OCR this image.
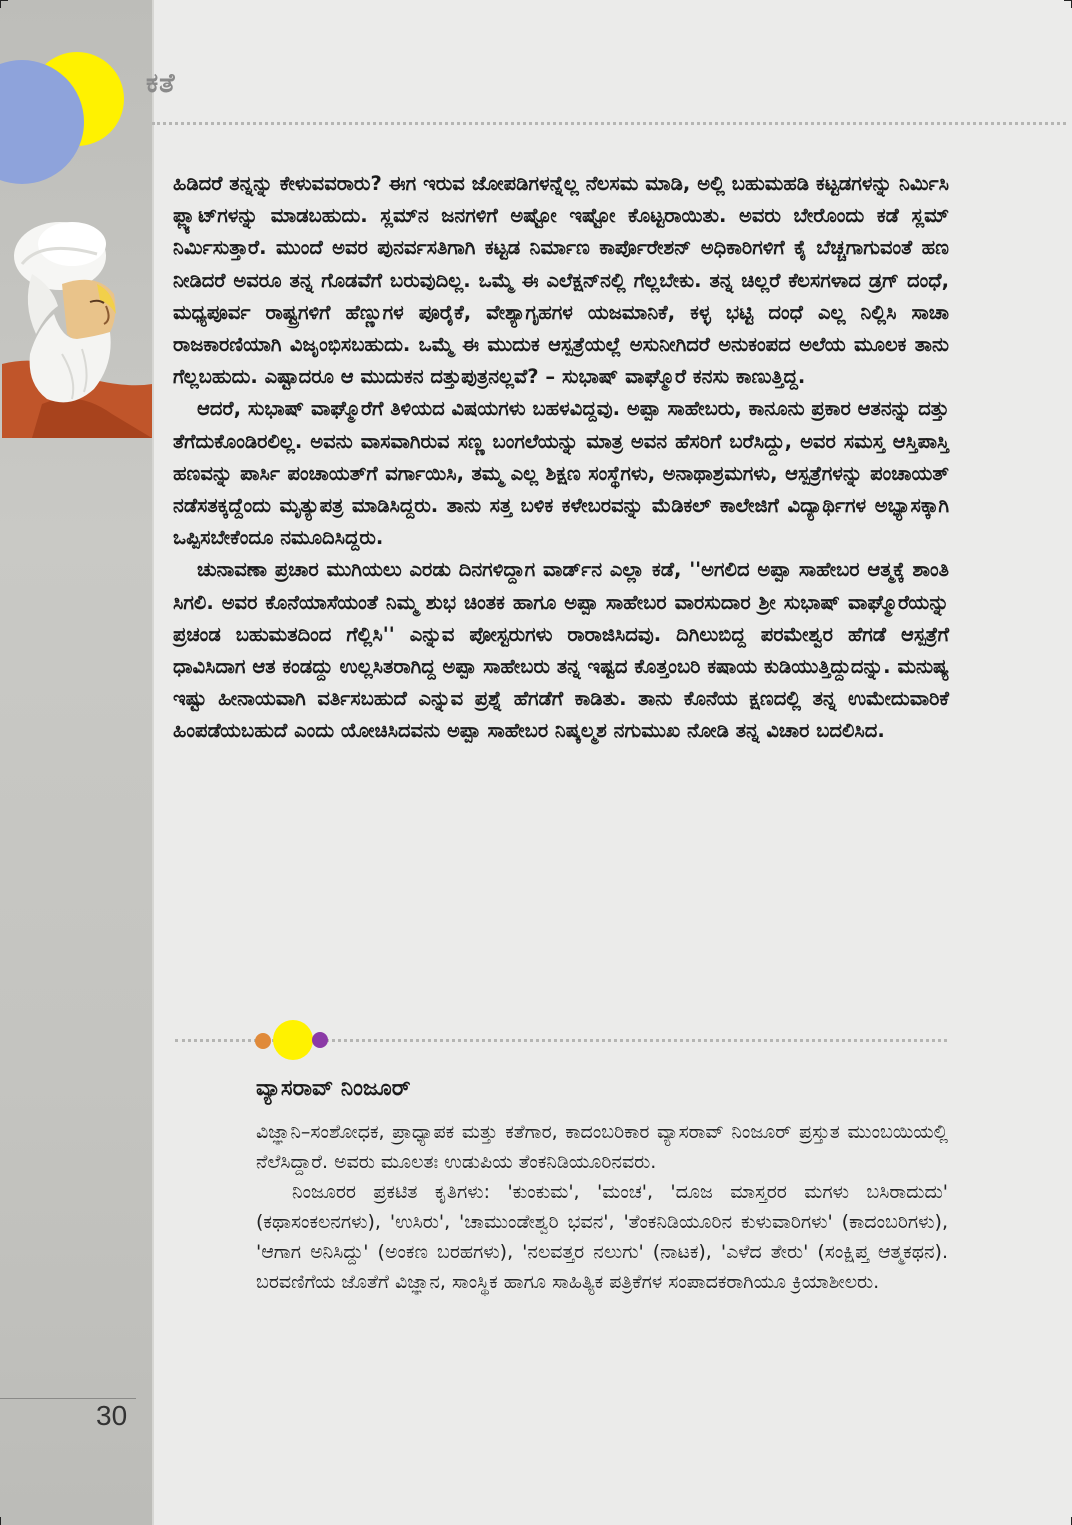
ಕತೆ

ಹಿಡಿದರೆ ತನ್ನನ್ನು ಕೇಳುವವರಾರು? ಈಗ ಇರುವ ಜೋಪಡಿಗಳನ್ನೆಲ್ಲ ನೆಲಸಮ ಮಾಡಿ, ಅಲ್ಲಿ ಬಹುಮಹಡಿ ಕಟ್ಟಡಗಳನ್ನು ನಿರ್ಮಿಸಿ ಫ್ಲ್ಯಾಟ್‌ಗಳನ್ನು ಮಾಡಬಹುದು. ಸ್ಲಮ್‌ನ ಜನಗಳಿಗೆ ಅಷ್ಟೋ ಇಷ್ಟೋ ಕೊಟ್ಟರಾಯಿತು. ಅವರು ಬೇರೊಂದು ಕಡೆ ಸ್ಲಮ್ ನಿರ್ಮಿಸುತ್ತಾರೆ. ಮುಂದೆ ಅವರ ಪುನರ್ವಸತಿಗಾಗಿ ಕಟ್ಟಡ ನಿರ್ಮಾಣ ಕಾರ್ಪೊರೇಶನ್ ಅಧಿಕಾರಿಗಳಿಗೆ ಕೈ ಬೆಚ್ಚಗಾಗುವಂತೆ ಹಣ ನೀಡಿದರೆ ಅವರೂ ತನ್ನ ಗೊಡವೆಗೆ ಬರುವುದಿಲ್ಲ. ಒಮ್ಮೆ ಈ ಎಲೆಕ್ಷನ್‌ನಲ್ಲಿ ಗೆಲ್ಲಬೇಕು. ತನ್ನ ಚಿಲ್ಲರೆ ಕೆಲಸಗಳಾದ ಡ್ರಗ್ ದಂಧೆ, ಮಧ್ಯಪೂರ್ವ ರಾಷ್ಟ್ರಗಳಿಗೆ ಹೆಣ್ಣುಗಳ ಪೂರೈಕೆ, ವೇಶ್ಯಾಗೃಹಗಳ ಯಜಮಾನಿಕೆ, ಕಳ್ಳ ಭಟ್ಟಿ ದಂಧೆ ಎಲ್ಲ ನಿಲ್ಲಿಸಿ ಸಾಚಾ ರಾಜಕಾರಣಿಯಾಗಿ ವಿಜೃಂಭಿಸಬಹುದು. ಒಮ್ಮೆ ಈ ಮುದುಕ ಆಸ್ಪತ್ರೆಯಲ್ಲೆ ಅಸುನೀಗಿದರೆ ಅನುಕಂಪದ ಅಲೆಯ ಮೂಲಕ ತಾನು ಗೆಲ್ಲಬಹುದು. ಎಷ್ಟಾದರೂ ಆ ಮುದುಕನ ದತ್ತುಪುತ್ರನಲ್ಲವೆ? – ಸುಭಾಷ್ ವಾಘ್ಮೊರೆ ಕನಸು ಕಾಣುತ್ತಿದ್ದ.

ಆದರೆ, ಸುಭಾಷ್ ವಾಘ್ಮೊರೆಗೆ ತಿಳಿಯದ ವಿಷಯಗಳು ಬಹಳವಿದ್ದವು. ಅಪ್ಪಾ ಸಾಹೇಬರು, ಕಾನೂನು ಪ್ರಕಾರ ಆತನನ್ನು ದತ್ತು ತೆಗೆದುಕೊಂಡಿರಲಿಲ್ಲ. ಅವನು ವಾಸವಾಗಿರುವ ಸಣ್ಣ ಬಂಗಲೆಯನ್ನು ಮಾತ್ರ ಅವನ ಹೆಸರಿಗೆ ಬರೆಸಿದ್ದು, ಅವರ ಸಮಸ್ತ ಆಸ್ತಿಪಾಸ್ತಿ ಹಣವನ್ನು ಪಾರ್ಸಿ ಪಂಚಾಯತ್‌ಗೆ ವರ್ಗಾಯಿಸಿ, ತಮ್ಮ ಎಲ್ಲ ಶಿಕ್ಷಣ ಸಂಸ್ಥೆಗಳು, ಅನಾಥಾಶ್ರಮಗಳು, ಆಸ್ಪತ್ರೆಗಳನ್ನು ಪಂಚಾಯತ್ ನಡೆಸತಕ್ಕದ್ದೆಂದು ಮೃತ್ಯುಪತ್ರ ಮಾಡಿಸಿದ್ದರು. ತಾನು ಸತ್ತ ಬಳಿಕ ಕಳೇಬರವನ್ನು ಮೆಡಿಕಲ್ ಕಾಲೇಜಿಗೆ ವಿದ್ಯಾರ್ಥಿಗಳ ಅಭ್ಯಾಸಕ್ಕಾಗಿ ಒಪ್ಪಿಸಬೇಕೆಂದೂ ನಮೂದಿಸಿದ್ದರು.

ಚುನಾವಣಾ ಪ್ರಚಾರ ಮುಗಿಯಲು ಎರಡು ದಿನಗಳಿದ್ದಾಗ ವಾರ್ಡ್‌ನ ಎಲ್ಲಾ ಕಡೆ, ''ಅಗಲಿದ ಅಪ್ಪಾ ಸಾಹೇಬರ ಆತ್ಮಕ್ಕೆ ಶಾಂತಿ ಸಿಗಲಿ. ಅವರ ಕೊನೆಯಾಸೆಯಂತೆ ನಿಮ್ಮ ಶುಭ ಚಿಂತಕ ಹಾಗೂ ಅಪ್ಪಾ ಸಾಹೇಬರ ವಾರಸುದಾರ ಶ್ರೀ ಸುಭಾಷ್ ವಾಘ್ಮೊರೆಯನ್ನು ಪ್ರಚಂಡ ಬಹುಮತದಿಂದ ಗೆಲ್ಲಿಸಿ'' ಎನ್ನುವ ಪೋಸ್ಟರುಗಳು ರಾರಾಜಿಸಿದವು. ದಿಗಿಲುಬಿದ್ದ ಪರಮೇಶ್ವರ ಹೆಗಡೆ ಆಸ್ಪತ್ರೆಗೆ ಧಾವಿಸಿದಾಗ ಆತ ಕಂಡದ್ದು ಉಲ್ಲಸಿತರಾಗಿದ್ದ ಅಪ್ಪಾ ಸಾಹೇಬರು ತನ್ನ ಇಷ್ಟದ ಕೊತ್ತಂಬರಿ ಕಷಾಯ ಕುಡಿಯುತ್ತಿದ್ದುದನ್ನು. ಮನುಷ್ಯ ಇಷ್ಟು ಹೀನಾಯವಾಗಿ ವರ್ತಿಸಬಹುದೆ ಎನ್ನುವ ಪ್ರಶ್ನೆ ಹೆಗಡೆಗೆ ಕಾಡಿತು. ತಾನು ಕೊನೆಯ ಕ್ಷಣದಲ್ಲಿ ತನ್ನ ಉಮೇದುವಾರಿಕೆ ಹಿಂಪಡೆಯಬಹುದೆ ಎಂದು ಯೋಚಿಸಿದವನು ಅಪ್ಪಾ ಸಾಹೇಬರ ನಿಷ್ಕಲ್ಮಶ ನಗುಮುಖ ನೋಡಿ ತನ್ನ ವಿಚಾರ ಬದಲಿಸಿದ.

ವ್ಯಾಸರಾವ್ ನಿಂಜೂರ್

ವಿಜ್ಞಾನಿ–ಸಂಶೋಧಕ, ಪ್ರಾಧ್ಯಾಪಕ ಮತ್ತು ಕತೆಗಾರ, ಕಾದಂಬರಿಕಾರ ವ್ಯಾಸರಾವ್ ನಿಂಜೂರ್ ಪ್ರಸ್ತುತ ಮುಂಬಯಿಯಲ್ಲಿ ನೆಲೆಸಿದ್ದಾರೆ. ಅವರು ಮೂಲತಃ ಉಡುಪಿಯ ತೆಂಕನಿಡಿಯೂರಿನವರು.

ನಿಂಜೂರರ ಪ್ರಕಟಿತ ಕೃತಿಗಳು: 'ಕುಂಕುಮ', 'ಮಂಚ', 'ದೂಜ ಮಾಸ್ತರರ ಮಗಳು ಬಸಿರಾದುದು' (ಕಥಾಸಂಕಲನಗಳು), 'ಉಸಿರು', 'ಚಾಮುಂಡೇಶ್ವರಿ ಭವನ', 'ತೆಂಕನಿಡಿಯೂರಿನ ಕುಳುವಾರಿಗಳು' (ಕಾದಂಬರಿಗಳು), 'ಆಗಾಗ ಅನಿಸಿದ್ದು' (ಅಂಕಣ ಬರಹಗಳು), 'ನಲವತ್ತರ ನಲುಗು' (ನಾಟಕ), 'ಎಳೆದ ತೇರು' (ಸಂಕ್ಷಿಪ್ತ ಆತ್ಮಕಥನ). ಬರವಣಿಗೆಯ ಜೊತೆಗೆ ವಿಜ್ಞಾನ, ಸಾಂಸ್ಥಿಕ ಹಾಗೂ ಸಾಹಿತ್ಯಿಕ ಪತ್ರಿಕೆಗಳ ಸಂಪಾದಕರಾಗಿಯೂ ಕ್ರಿಯಾಶೀಲರು.

30
